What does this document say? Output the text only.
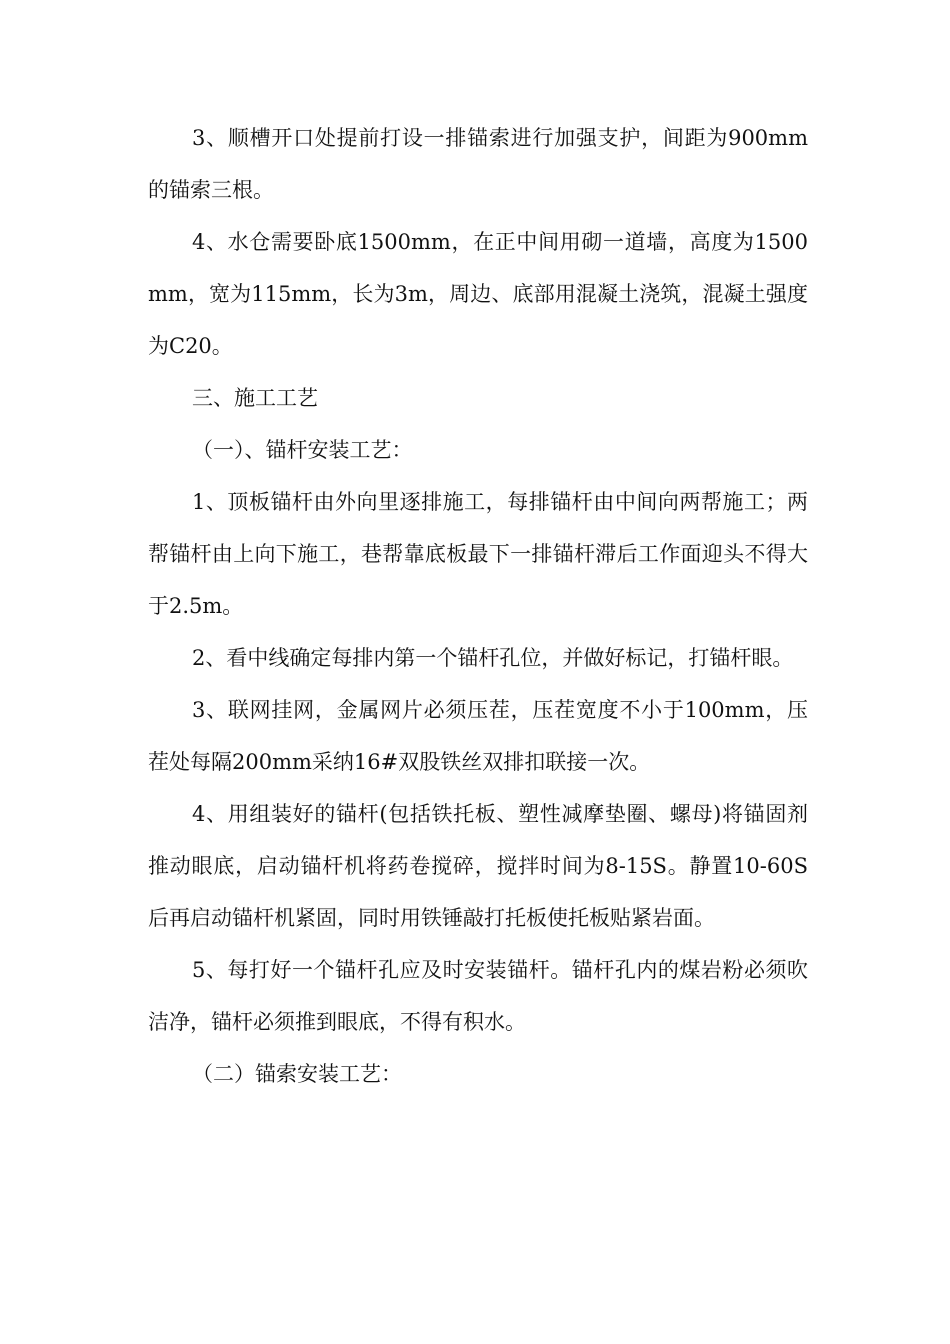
3、顺槽开口处提前打设一排锚索进行加强支护，间距为900mm的锚索三根。

4、水仓需要卧底1500mm，在正中间用砌一道墙，高度为1500mm，宽为115mm，长为3m，周边、底部用混凝土浇筑，混凝土强度为C20。

三、施工工艺

（一）、锚杆安装工艺：

1、顶板锚杆由外向里逐排施工，每排锚杆由中间向两帮施工；两帮锚杆由上向下施工，巷帮靠底板最下一排锚杆滞后工作面迎头不得大于2.5m。

2、看中线确定每排内第一个锚杆孔位，并做好标记，打锚杆眼。

3、联网挂网，金属网片必须压茬，压茬宽度不小于100mm，压茬处每隔200mm采纳16#双股铁丝双排扣联接一次。

4、用组装好的锚杆(包括铁托板、塑性减摩垫圈、螺母)将锚固剂推动眼底，启动锚杆机将药卷搅碎，搅拌时间为8-15S。静置10-60S后再启动锚杆机紧固，同时用铁锤敲打托板使托板贴紧岩面。

5、每打好一个锚杆孔应及时安装锚杆。锚杆孔内的煤岩粉必须吹洁净，锚杆必须推到眼底，不得有积水。

（二）锚索安装工艺：
